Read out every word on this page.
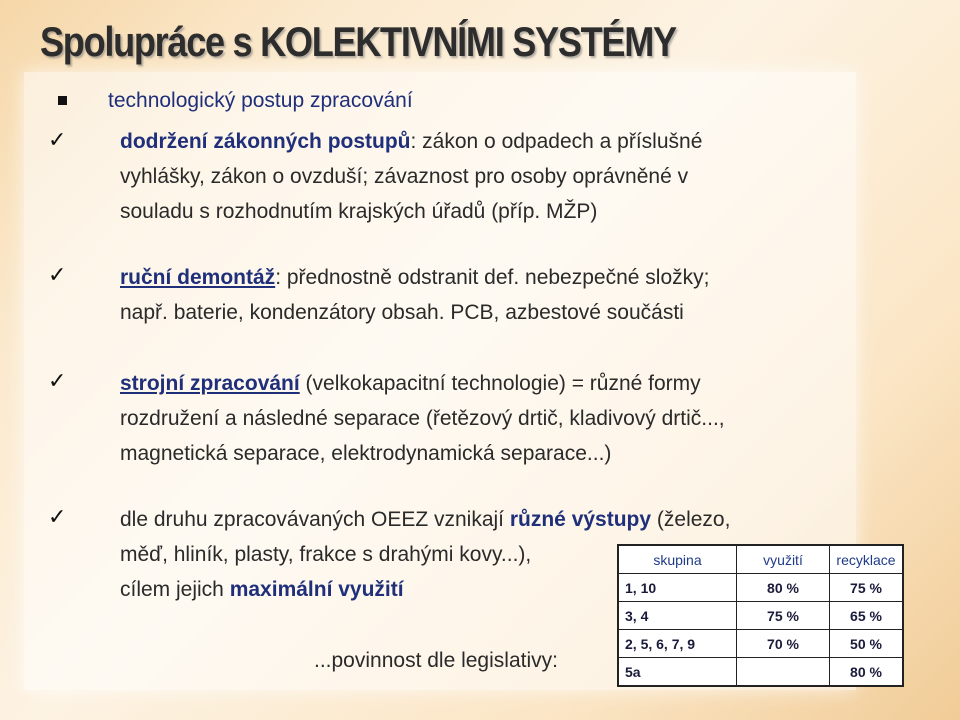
Spolupráce s KOLEKTIVNÍMI SYSTÉMY
technologický postup zpracování
✓	dodržení zákonných postupů: zákon o odpadech a příslušné
vyhlášky, zákon o ovzduší; závaznost pro osoby oprávněné v
souladu s rozhodnutím krajských úřadů (příp. MŽP)
✓	ruční demontáž: přednostně odstranit def. nebezpečné složky;
např. baterie, kondenzátory obsah. PCB, azbestové součásti
✓	strojní zpracování (velkokapacitní technologie) = různé formy
rozdružení a následné separace (řetězový drtič, kladivový drtič...,
magnetická separace, elektrodynamická separace...)
✓	dle druhu zpracovávaných OEEZ vznikají různé výstupy (železo,
měď, hliník, plasty, frakce s drahými kovy...),
cílem jejich maximální využití
...povinnost dle legislativy:
skupina	využití	recyklace
1, 10	80 %	75 %
3, 4	75 %	65 %
2, 5, 6, 7, 9	70 %	50 %
5a		80 %
